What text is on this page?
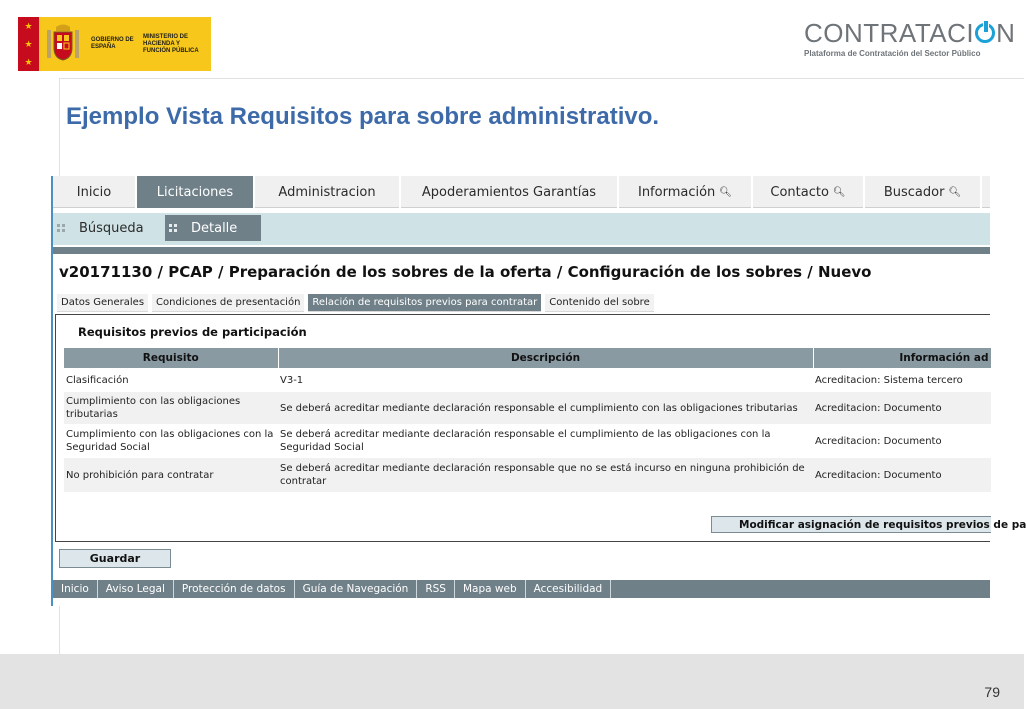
★
★
★
GOBIERNO DE ESPAÑA
MINISTERIO DE HACIENDA Y FUNCIÓN PÚBLICA
CONTRATACI N
Plataforma de Contratación del Sector Público
Ejemplo Vista Requisitos para sobre administrativo.
Inicio	Licitaciones	Administracion	Apoderamientos Garantías	Información 🔍︎	Contacto 🔍︎	Buscador 🔍︎
Búsqueda	Detalle
v20171130 / PCAP / Preparación de los sobres de la oferta / Configuración de los sobres / Nuevo
Datos Generales	Condiciones de presentación	Relación de requisitos previos para contratar	Contenido del sobre
Requisitos previos de participación
Requisito	Descripción	Información ad
Clasificación	V3-1	Acreditacion: Sistema tercero
Cumplimiento con las obligaciones tributarias	Se deberá acreditar mediante declaración responsable el cumplimiento con las obligaciones tributarias	Acreditacion: Documento
Cumplimiento con las obligaciones con la Seguridad Social	Se deberá acreditar mediante declaración responsable el cumplimiento de las obligaciones con la Seguridad Social	Acreditacion: Documento
No prohibición para contratar	Se deberá acreditar mediante declaración responsable que no se está incurso en ninguna prohibición de contratar	Acreditacion: Documento
Modificar asignación de requisitos previos de pa
Guardar
Inicio	Aviso Legal	Protección de datos	Guía de Navegación	RSS	Mapa web	Accesibilidad
79
